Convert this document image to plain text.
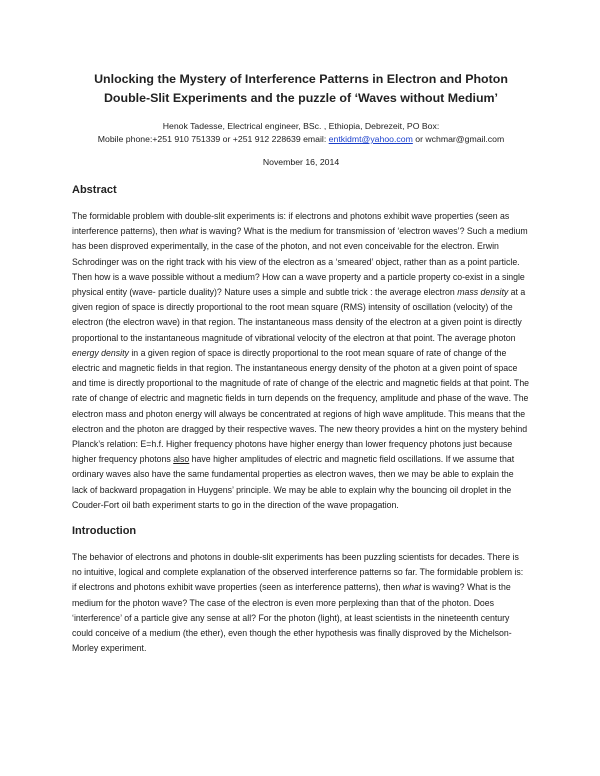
Unlocking the Mystery of Interference Patterns in Electron and Photon Double-Slit Experiments and the puzzle of ‘Waves without Medium’

Henok Tadesse, Electrical engineer, BSc. , Ethiopia, Debrezeit, PO Box:

Mobile phone:+251 910 751339 or +251 912 228639 email: entkidmt@yahoo.com or wchmar@gmail.com

November 16, 2014

Abstract

The formidable problem with double-slit experiments is: if electrons and photons exhibit wave properties (seen as interference patterns), then what is waving? What is the medium for transmission of ‘electron waves’? Such a medium has been disproved experimentally, in the case of the photon, and not even conceivable for the electron. Erwin Schrodinger was on the right track with his view of the electron as a ‘smeared’ object, rather than as a point particle. Then how is a wave possible without a medium? How can a wave property and a particle property co-exist in a single physical entity (wave- particle duality)? Nature uses a simple and subtle trick : the average electron mass density at a given region of space is directly proportional to the root mean square (RMS) intensity of oscillation (velocity) of the electron (the electron wave) in that region. The instantaneous mass density of the electron at a given point is directly proportional to the instantaneous magnitude of vibrational velocity of the electron at that point. The average photon energy density in a given region of space is directly proportional to the root mean square of rate of change of the electric and magnetic fields in that region. The instantaneous energy density of the photon at a given point of space and time is directly proportional to the magnitude of rate of change of the electric and magnetic fields at that point. The rate of change of electric and magnetic fields in turn depends on the frequency, amplitude and phase of the wave. The electron mass and photon energy will always be concentrated at regions of high wave amplitude. This means that the electron and the photon are dragged by their respective waves. The new theory provides a hint on the mystery behind Planck’s relation: E=h.f. Higher frequency photons have higher energy than lower frequency photons just because higher frequency photons also have higher amplitudes of electric and magnetic field oscillations. If we assume that ordinary waves also have the same fundamental properties as electron waves, then we may be able to explain the lack of backward propagation in Huygens’ principle. We may be able to explain why the bouncing oil droplet in the Couder-Fort oil bath experiment starts to go in the direction of the wave propagation.

Introduction

The behavior of electrons and photons in double-slit experiments has been puzzling scientists for decades. There is no intuitive, logical and complete explanation of the observed interference patterns so far. The formidable problem is: if electrons and photons exhibit wave properties (seen as interference patterns), then what is waving? What is the medium for the photon wave? The case of the electron is even more perplexing than that of the photon. Does ‘interference’ of a particle give any sense at all? For the photon (light), at least scientists in the nineteenth century could conceive of a medium (the ether), even though the ether hypothesis was finally disproved by the Michelson-Morley experiment.
